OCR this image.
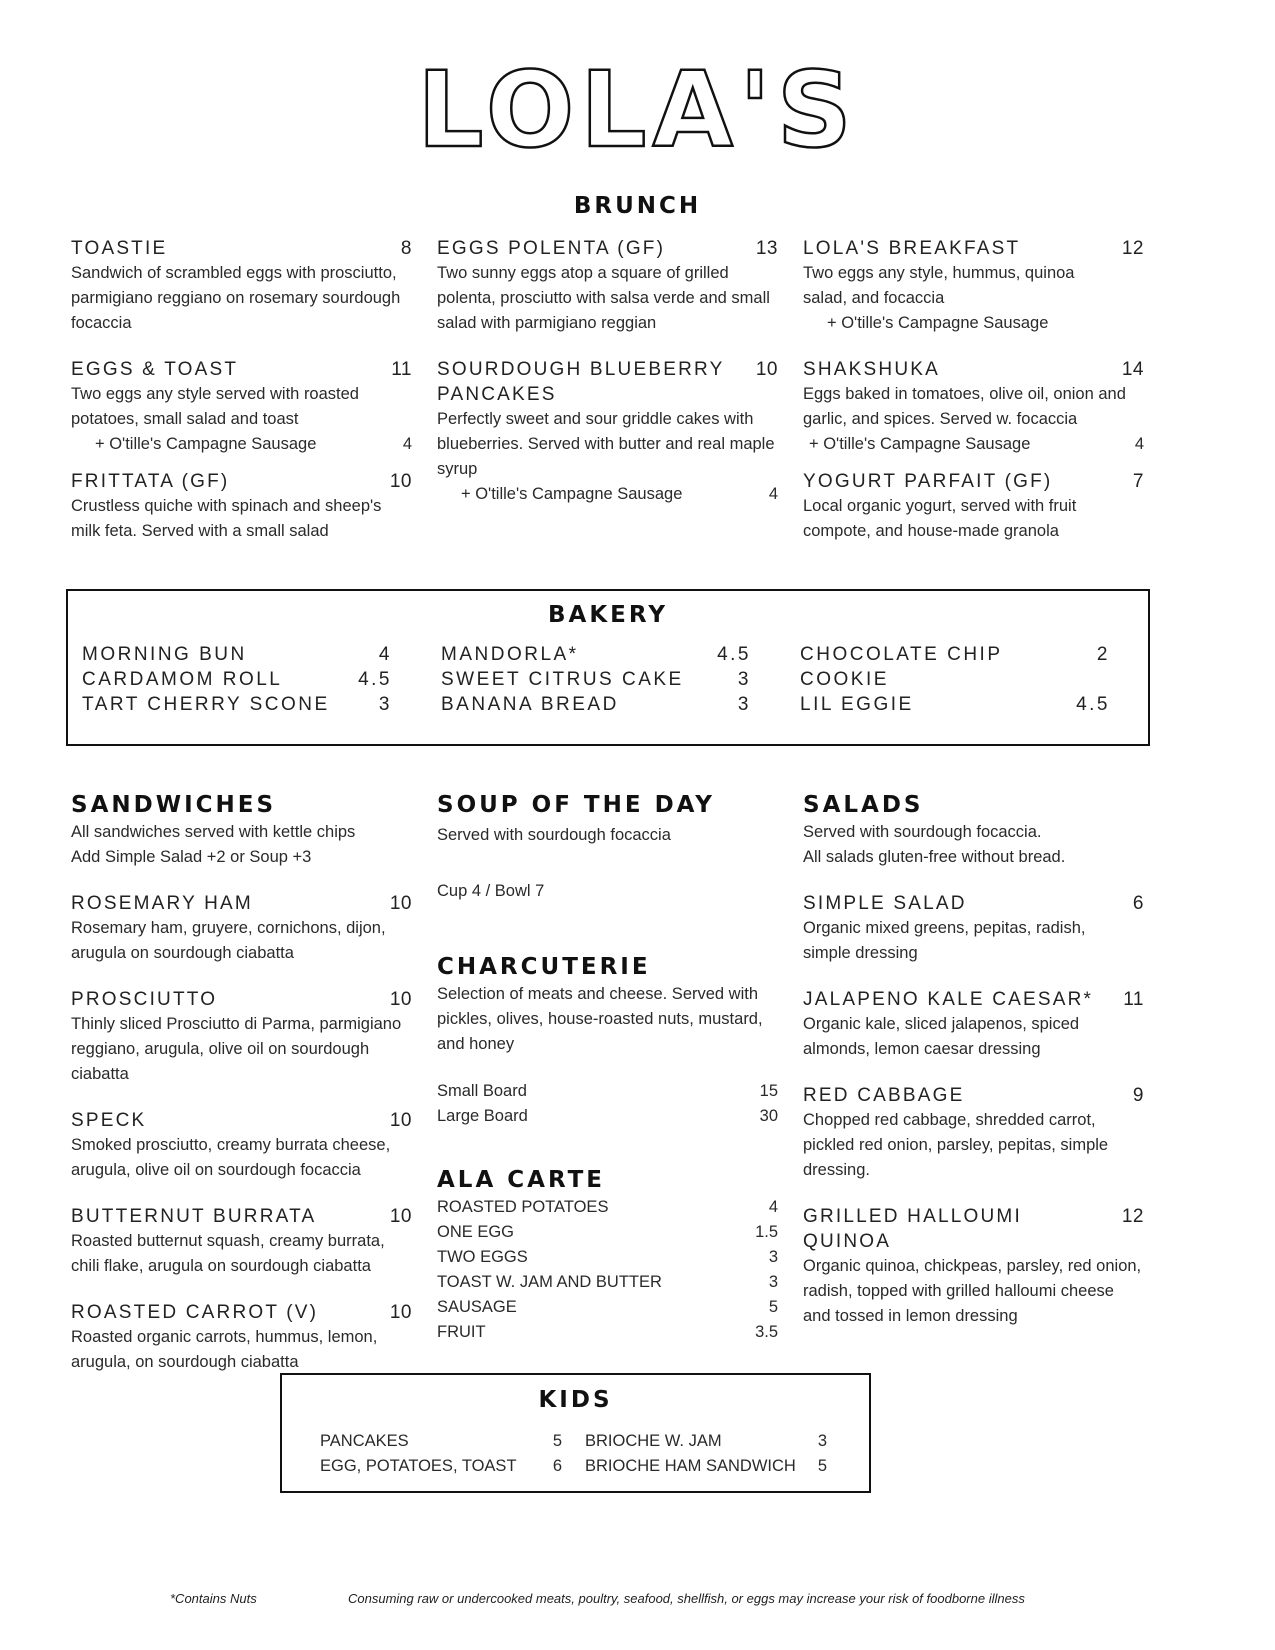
LOLA'S
BRUNCH
TOASTIE	8
Sandwich of scrambled eggs with prosciutto, parmigiano reggiano on rosemary sourdough focaccia
EGGS & TOAST	11
Two eggs any style served with roasted potatoes, small salad and toast
+ O'tille's Campagne Sausage	4
FRITTATA (GF)	10
Crustless quiche with spinach and sheep's milk feta. Served with a small salad
EGGS POLENTA (GF)	13
Two sunny eggs atop a square of grilled polenta, prosciutto with salsa verde and small salad with parmigiano reggian
SOURDOUGH BLUEBERRY PANCAKES
10
Perfectly sweet and sour griddle cakes with blueberries. Served with butter and real maple syrup
+ O'tille's Campagne Sausage	4
LOLA'S BREAKFAST	12
Two eggs any style, hummus, quinoa salad, and focaccia
+ O'tille's Campagne Sausage
SHAKSHUKA	14
Eggs baked in tomatoes, olive oil, onion and garlic, and spices. Served w. focaccia
+ O'tille's Campagne Sausage	4
YOGURT PARFAIT (GF)	7
Local organic yogurt, served with fruit compote, and house-made granola
BAKERY
MORNING BUN	4
CARDAMOM ROLL	4.5
TART CHERRY SCONE	3
MANDORLA*	4.5
SWEET CITRUS CAKE	3
BANANA BREAD	3
CHOCOLATE CHIP COOKIE
2
LIL EGGIE	4.5
SANDWICHES
All sandwiches served with kettle chips
Add Simple Salad +2 or Soup +3
ROSEMARY HAM	10
Rosemary ham, gruyere, cornichons, dijon, arugula on sourdough ciabatta
PROSCIUTTO	10
Thinly sliced Prosciutto di Parma, parmigiano reggiano, arugula, olive oil on sourdough ciabatta
SPECK	10
Smoked prosciutto, creamy burrata cheese, arugula, olive oil on sourdough focaccia
BUTTERNUT BURRATA	10
Roasted butternut squash, creamy burrata, chili flake, arugula on sourdough ciabatta
ROASTED CARROT (V)	10
Roasted organic carrots, hummus, lemon, arugula, on sourdough ciabatta
SOUP OF THE DAY
Served with sourdough focaccia
Cup 4 / Bowl 7
CHARCUTERIE
Selection of meats and cheese. Served with pickles, olives, house-roasted nuts, mustard, and honey
Small Board	15
Large Board	30
ALA CARTE
ROASTED POTATOES	4
ONE EGG	1.5
TWO EGGS	3
TOAST W. JAM AND BUTTER	3
SAUSAGE	5
FRUIT	3.5
SALADS
Served with sourdough focaccia.
All salads gluten-free without bread.
SIMPLE SALAD	6
Organic mixed greens, pepitas, radish, simple dressing
JALAPENO KALE CAESAR* 11
Organic kale, sliced jalapenos, spiced almonds, lemon caesar dressing
RED CABBAGE	9
Chopped red cabbage, shredded carrot, pickled red onion, parsley, pepitas, simple dressing.
GRILLED HALLOUMI QUINOA
12
Organic quinoa, chickpeas, parsley, red onion, radish, topped with grilled halloumi cheese and tossed in lemon dressing
KIDS
PANCAKES	5
EGG, POTATOES, TOAST 6
BRIOCHE W. JAM	3
BRIOCHE HAM SANDWICH 5
*Contains Nuts	Consuming raw or undercooked meats, poultry, seafood, shellfish, or eggs may increase your risk of foodborne illness
